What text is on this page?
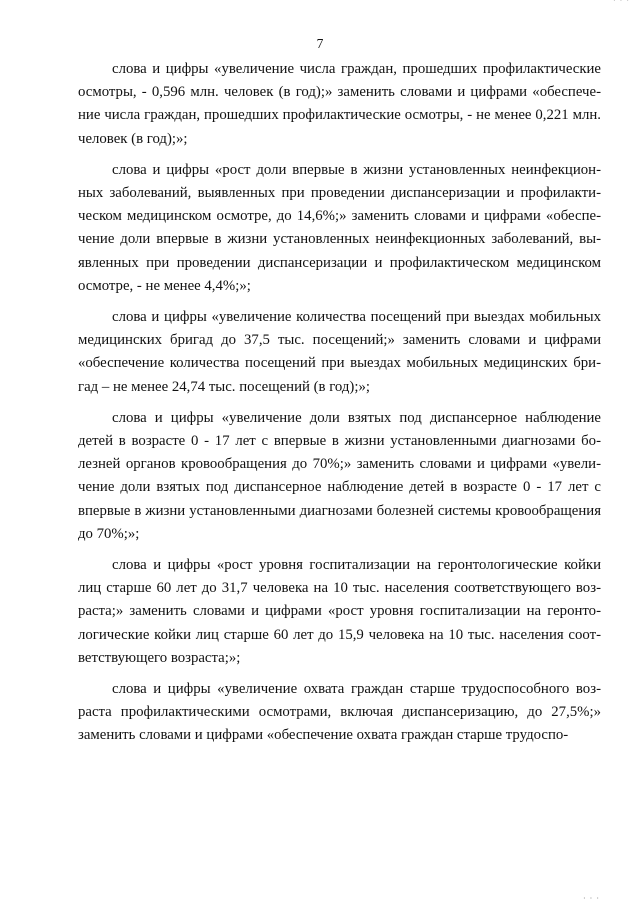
· · ·
7

слова и цифры «увеличение числа граждан, прошедших профилактические осмотры, - 0,596 млн. человек (в год);» заменить словами и цифрами «обеспечение числа граждан, прошедших профилактические осмотры, - не менее 0,221 млн. человек (в год);»;

слова и цифры «рост доли впервые в жизни установленных неинфекционных заболеваний, выявленных при проведении диспансеризации и профилактическом медицинском осмотре, до 14,6%;» заменить словами и цифрами «обеспечение доли впервые в жизни установленных неинфекционных заболеваний, выявленных при проведении диспансеризации и профилактическом медицинском осмотре, - не менее 4,4%;»;

слова и цифры «увеличение количества посещений при выездах мобильных медицинских бригад до 37,5 тыс. посещений;» заменить словами и цифрами «обеспечение количества посещений при выездах мобильных медицинских бригад – не менее 24,74 тыс. посещений (в год);»;

слова и цифры «увеличение доли взятых под диспансерное наблюдение детей в возрасте 0 - 17 лет с впервые в жизни установленными диагнозами болезней органов кровообращения до 70%;» заменить словами и цифрами «увеличение доли взятых под диспансерное наблюдение детей в возрасте 0 - 17 лет с впервые в жизни установленными диагнозами болезней системы кровообращения до 70%;»;

слова и цифры «рост уровня госпитализации на геронтологические койки лиц старше 60 лет до 31,7 человека на 10 тыс. населения соответствующего возраста;» заменить словами и цифрами «рост уровня госпитализации на геронтологические койки лиц старше 60 лет до 15,9 человека на 10 тыс. населения соответствующего возраста;»;

слова и цифры «увеличение охвата граждан старше трудоспособного возраста профилактическими осмотрами, включая диспансеризацию, до 27,5%;» заменить словами и цифрами «обеспечение охвата граждан старше трудоспо-

· · ·
